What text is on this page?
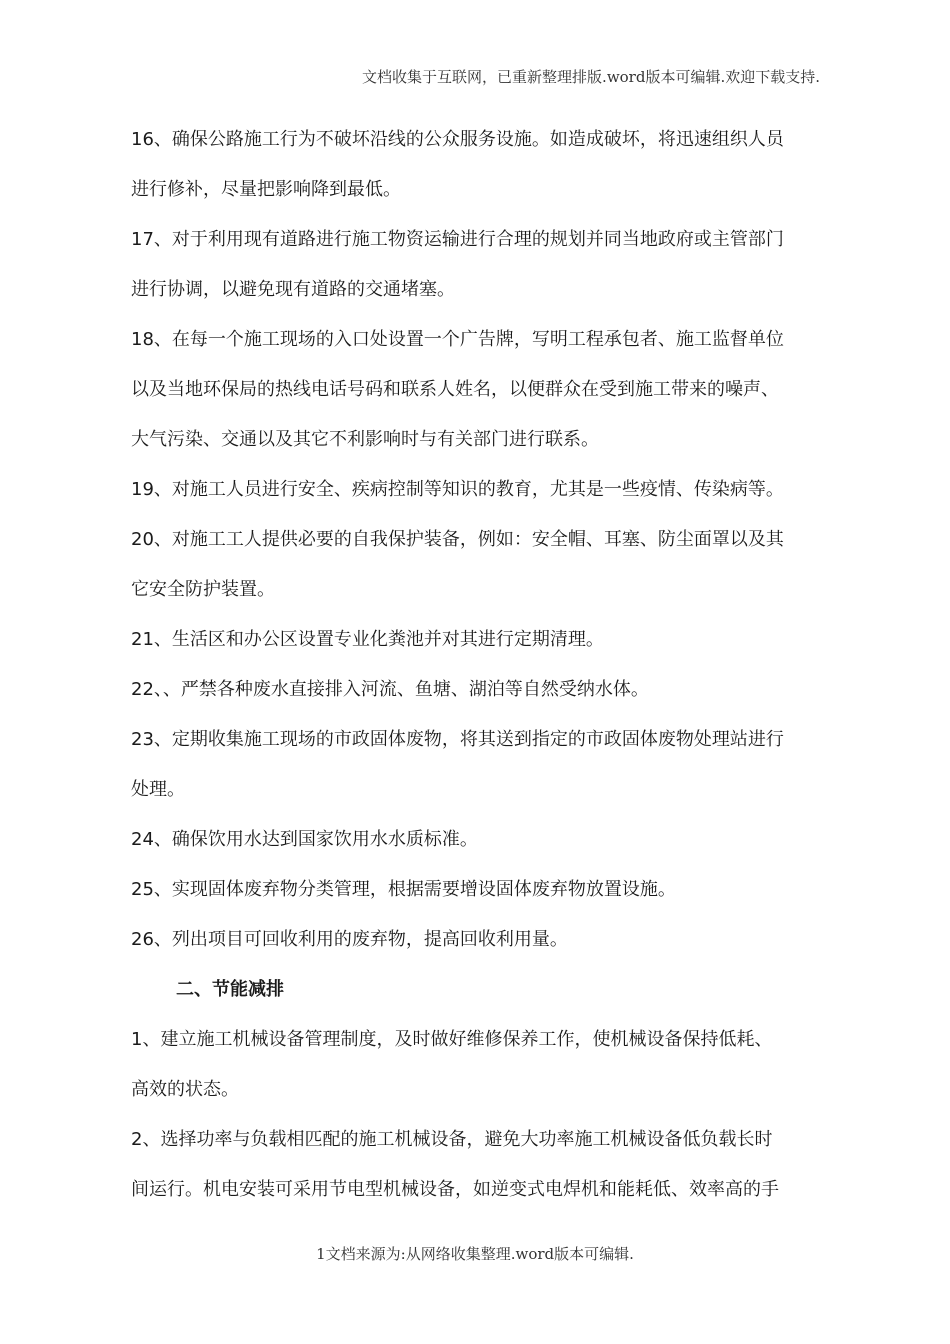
文档收集于互联网，已重新整理排版.word版本可编辑.欢迎下载支持.
16、确保公路施工行为不破坏沿线的公众服务设施。如造成破坏，将迅速组织人员
进行修补，尽量把影响降到最低。
17、对于利用现有道路进行施工物资运输进行合理的规划并同当地政府或主管部门
进行协调，以避免现有道路的交通堵塞。
18、在每一个施工现场的入口处设置一个广告牌，写明工程承包者、施工监督单位
以及当地环保局的热线电话号码和联系人姓名，以便群众在受到施工带来的噪声、
大气污染、交通以及其它不利影响时与有关部门进行联系。
19、对施工人员进行安全、疾病控制等知识的教育，尤其是一些疫情、传染病等。
20、对施工工人提供必要的自我保护装备，例如：安全帽、耳塞、防尘面罩以及其
它安全防护装置。
21、生活区和办公区设置专业化粪池并对其进行定期清理。
22、、严禁各种废水直接排入河流、鱼塘、湖泊等自然受纳水体。
23、定期收集施工现场的市政固体废物，将其送到指定的市政固体废物处理站进行
处理。
24、确保饮用水达到国家饮用水水质标准。
25、实现固体废弃物分类管理，根据需要增设固体废弃物放置设施。
26、列出项目可回收利用的废弃物，提高回收利用量。
二、节能减排
1、建立施工机械设备管理制度，及时做好维修保养工作，使机械设备保持低耗、
高效的状态。
2、选择功率与负载相匹配的施工机械设备，避免大功率施工机械设备低负载长时
间运行。机电安装可采用节电型机械设备，如逆变式电焊机和能耗低、效率高的手
1文档来源为:从网络收集整理.word版本可编辑.
